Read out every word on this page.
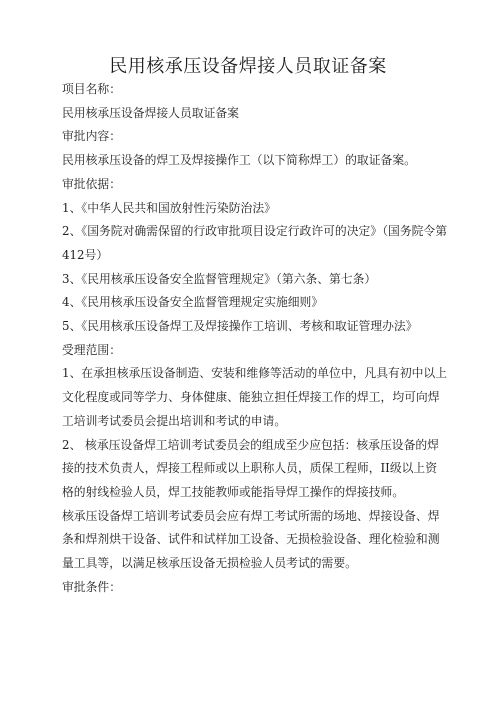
民用核承压设备焊接人员取证备案

项目名称：

民用核承压设备焊接人员取证备案

审批内容：

民用核承压设备的焊工及焊接操作工（以下简称焊工）的取证备案。

审批依据：

1、《中华人民共和国放射性污染防治法》

2、《国务院对确需保留的行政审批项目设定行政许可的决定》（国务院令第412号）

3、《民用核承压设备安全监督管理规定》（第六条、第七条）

4、《民用核承压设备安全监督管理规定实施细则》

5、《民用核承压设备焊工及焊接操作工培训、考核和取证管理办法》

受理范围：

1、在承担核承压设备制造、安装和维修等活动的单位中，凡具有初中以上文化程度或同等学力、身体健康、能独立担任焊接工作的焊工，均可向焊工培训考试委员会提出培训和考试的申请。

2、 核承压设备焊工培训考试委员会的组成至少应包括：核承压设备的焊接的技术负责人，焊接工程师或以上职称人员，质保工程师，II级以上资格的射线检验人员，焊工技能教师或能指导焊工操作的焊接技师。

核承压设备焊工培训考试委员会应有焊工考试所需的场地、焊接设备、焊条和焊剂烘干设备、试件和试样加工设备、无损检验设备、理化检验和测量工具等，以满足核承压设备无损检验人员考试的需要。

审批条件：
